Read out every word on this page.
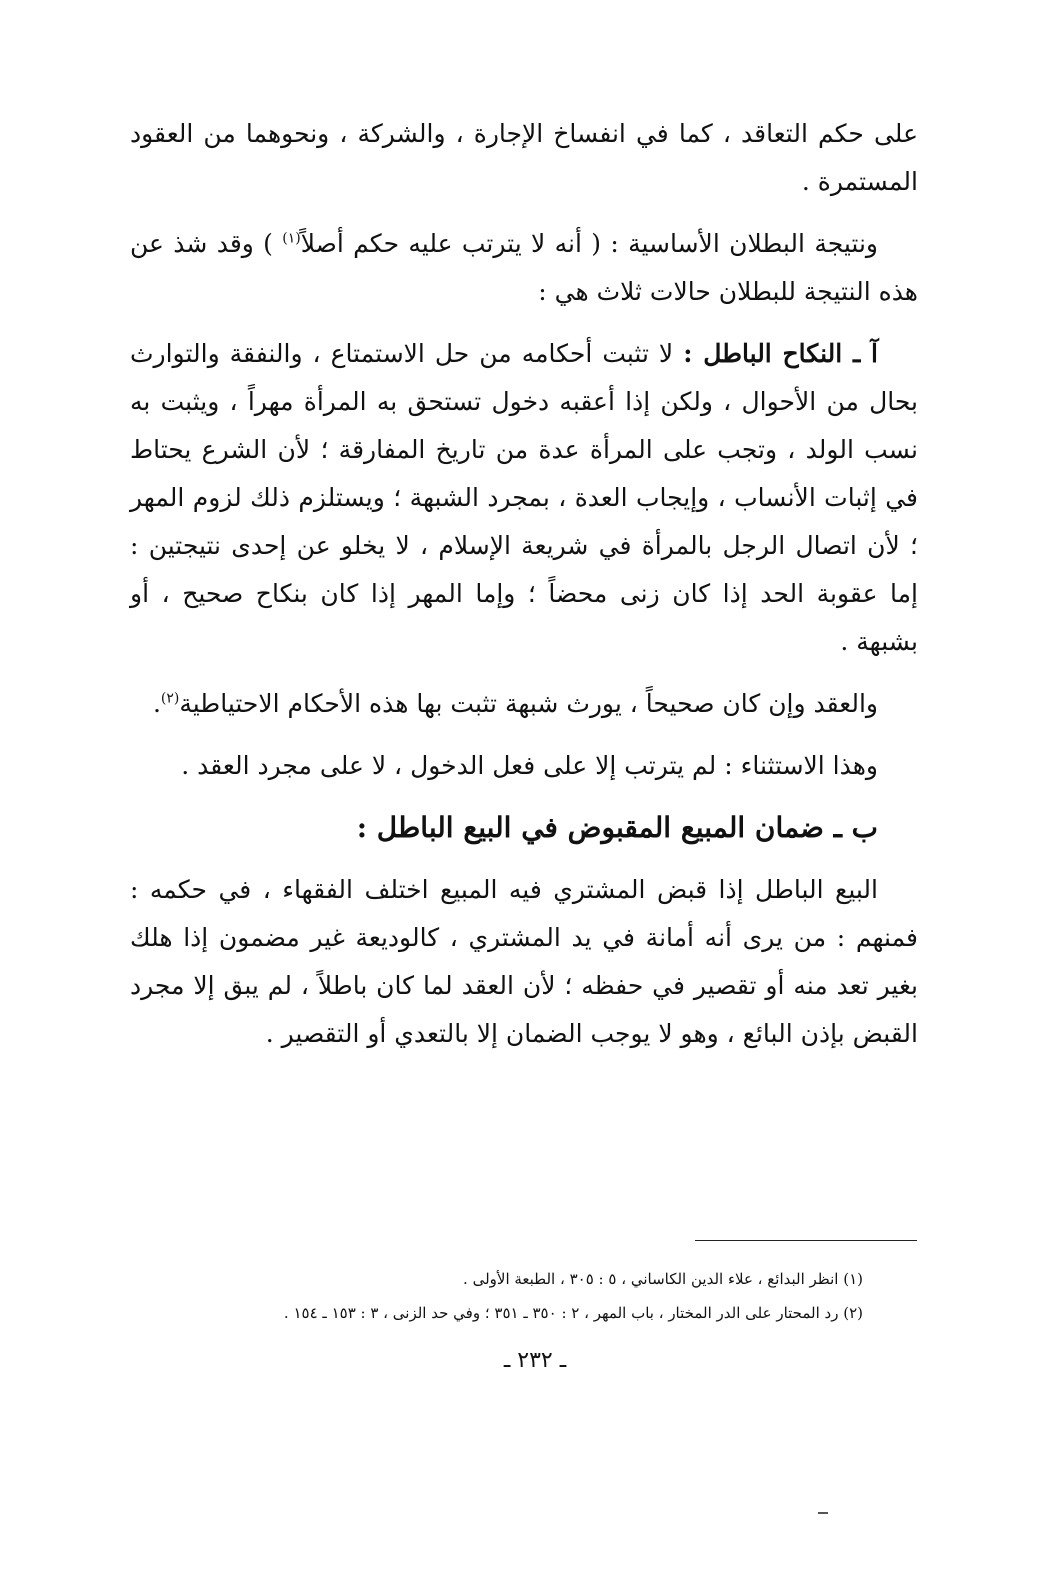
على حكم التعاقد ، كما في انفساخ الإجارة ، والشركة ، ونحوهما من العقود المستمرة .

ونتيجة البطلان الأساسية : ( أنه لا يترتب عليه حكم أصلاً$^{(١)}$ ) وقد شذ عن هذه النتيجة للبطلان حالات ثلاث هي :

آ ـ النكاح الباطل : لا تثبت أحكامه من حل الاستمتاع ، والنفقة والتوارث بحال من الأحوال ، ولكن إذا أعقبه دخول تستحق به المرأة مهراً ، ويثبت به نسب الولد ، وتجب على المرأة عدة من تاريخ المفارقة ؛ لأن الشرع يحتاط في إثبات الأنساب ، وإيجاب العدة ، بمجرد الشبهة ؛ ويستلزم ذلك لزوم المهر ؛ لأن اتصال الرجل بالمرأة في شريعة الإسلام ، لا يخلو عن إحدى نتيجتين : إما عقوبة الحد إذا كان زنى محضاً ؛ وإما المهر إذا كان بنكاح صحيح ، أو بشبهة .

والعقد وإن كان صحيحاً ، يورث شبهة تثبت بها هذه الأحكام الاحتياطية$^{(٢)}$.

وهذا الاستثناء : لم يترتب إلا على فعل الدخول ، لا على مجرد العقد .

ب ـ ضمان المبيع المقبوض في البيع الباطل :

البيع الباطل إذا قبض المشتري فيه المبيع اختلف الفقهاء ، في حكمه : فمنهم : من يرى أنه أمانة في يد المشتري ، كالوديعة غير مضمون إذا هلك بغير تعد منه أو تقصير في حفظه ؛ لأن العقد لما كان باطلاً ، لم يبق إلا مجرد القبض بإذن البائع ، وهو لا يوجب الضمان إلا بالتعدي أو التقصير .

(١) انظر البدائع ، علاء الدين الكاساني ، ٥ : ٣٠٥ ، الطبعة الأولى .
(٢) رد المحتار على الدر المختار ، باب المهر ، ٢ : ٣٥٠ ـ ٣٥١ ؛ وفي حد الزنى ، ٣ : ١٥٣ ـ ١٥٤ .
ـ ٢٣٢ ـ
